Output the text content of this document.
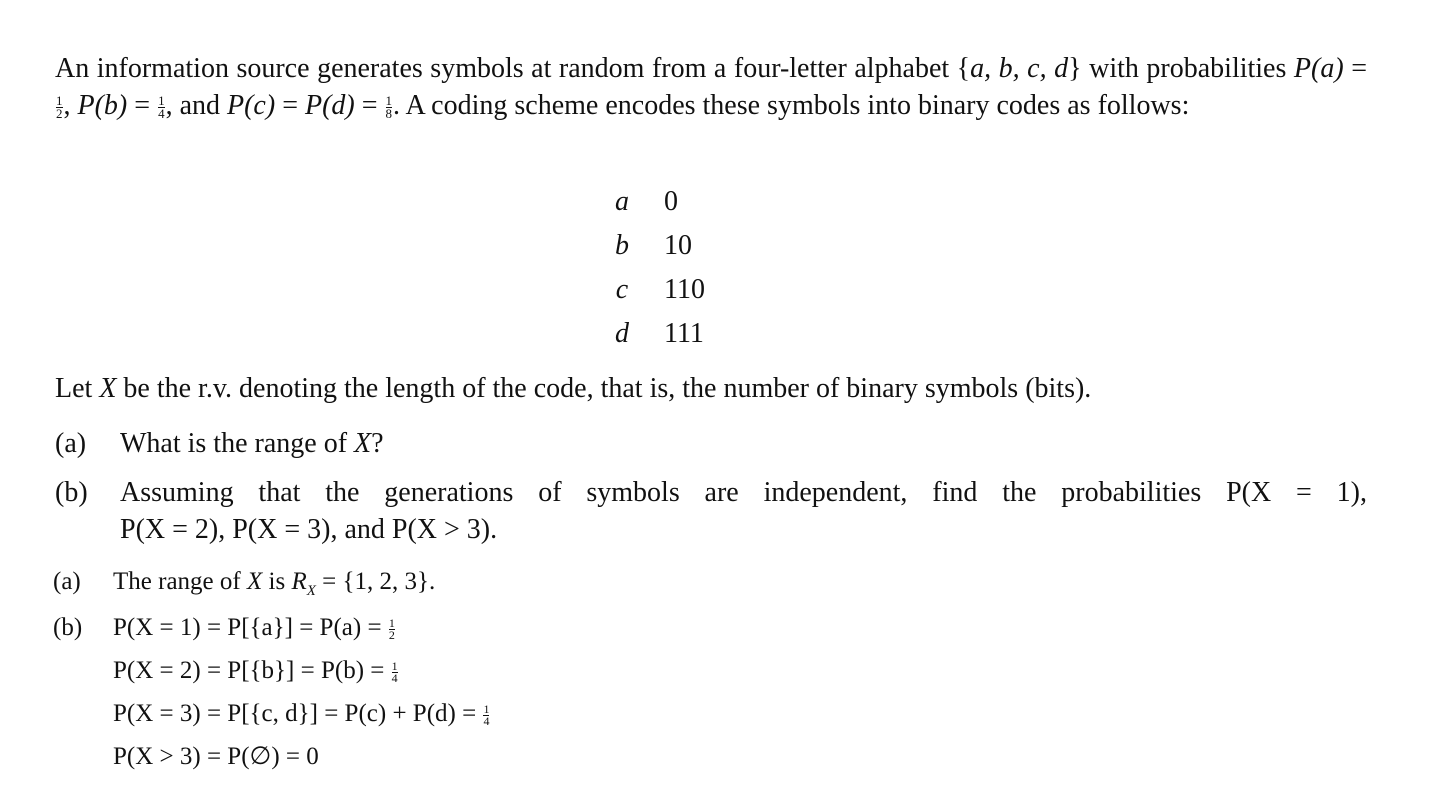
An information source generates symbols at random from a four-letter alphabet {a, b, c, d} with probabilities P(a) =
$\frac{1}{2}$ , $P(b) = \frac{1}{4}$ , and $P(c) = P(d) = \frac{1}{8}$ . A coding scheme encodes these symbols into binary codes as follows:

a	0
b	10
c	110
d	111
Let X be the r.v. denoting the length of the code, that is, the number of binary symbols (bits).
(a) What is the range of X?
(b) Assuming that the generations of symbols are independent, find the probabilities P(X = 1),
P(X = 2), P(X = 3), and P(X > 3).
(a) The range of X is $R_X = \{1$, 2, 3}.
(b) $P(X = 1) = P[\{a\}] = P(a) = \frac{1}{2}$
$P(X = 2) = P[\{b\}] = P(b) = \frac{1}{4}$
P(X = 3) = P[{c, $d\}] = P(c) + P(d) = \frac{1}{4}$
P(X > 3) = P(∅) = 0
